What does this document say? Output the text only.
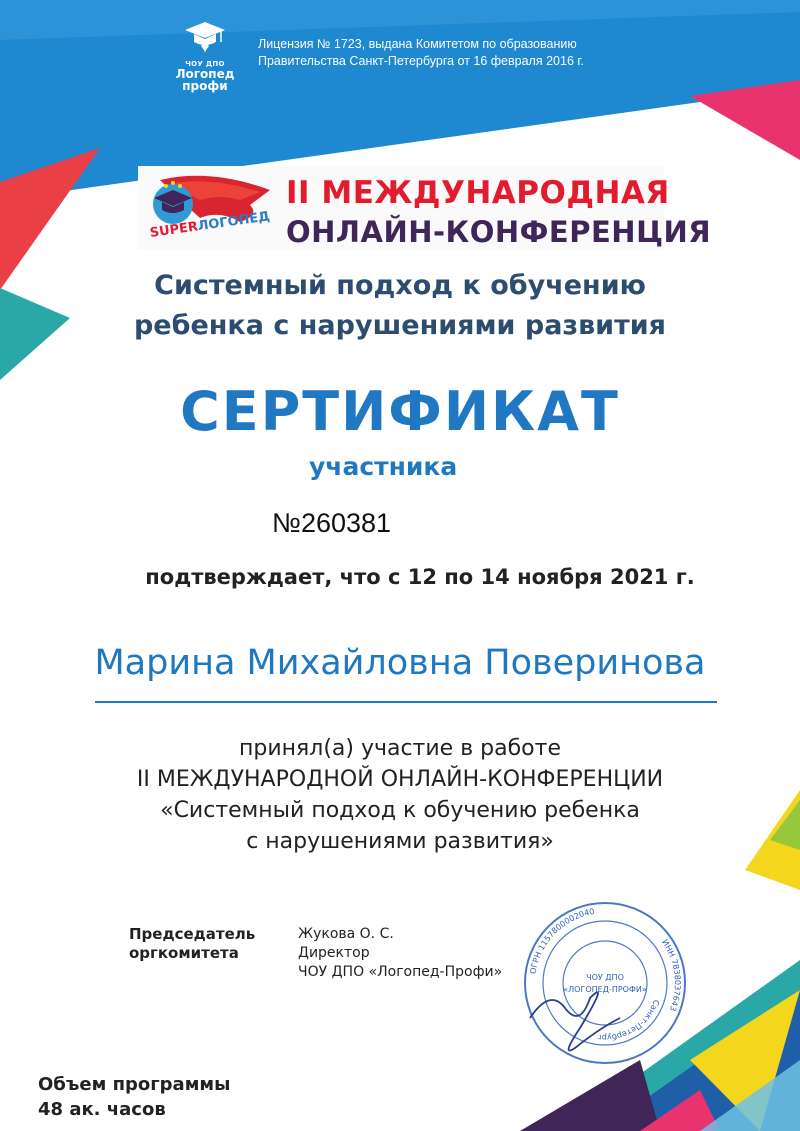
ЧОУ ДПО
Логопед
профи
Лицензия № 1723, выдана Комитетом по образованию
Правительства Санкт-Петербурга от 16 февраля 2016 г.
SUPERЛОГОПЕД
II МЕЖДУНАРОДНАЯ
ОНЛАЙН-КОНФЕРЕНЦИЯ
Системный подход к обучению
ребенка с нарушениями развития
СЕРТИФИКАТ
участника
№260381
подтверждает, что с 12 по 14 ноября 2021 г.
Марина Михайловна Поверинова
принял(а) участие в работе
II МЕЖДУНАРОДНОЙ ОНЛАЙН-КОНФЕРЕНЦИИ
«Системный подход к обучению ребенка
с нарушениями развития»
Председатель
оргкомитета
Жукова О. С.
Директор
ЧОУ ДПО «Логопед-Профи»	ОГРН 1157800002040
ИНН 7838037643
Санкт-Петербург
ЧОУ ДПО
«ЛОГОПЕД-ПРОФИ»
Объем программы
48 ак. часов
